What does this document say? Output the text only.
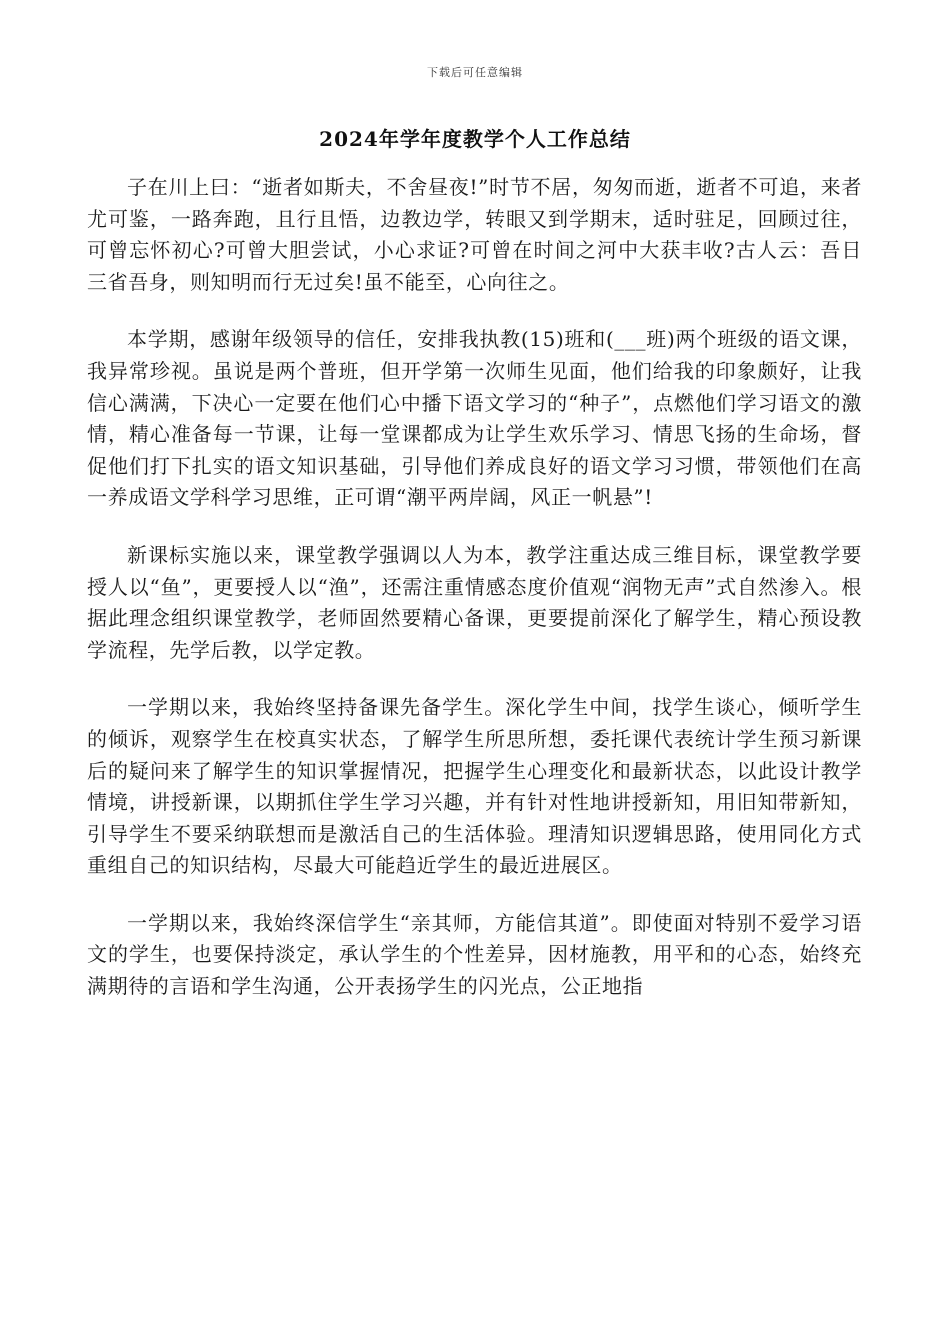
下载后可任意编辑
2024年学年度教学个人工作总结

子在川上曰：“逝者如斯夫，不舍昼夜!”时节不居，匆匆而逝，逝者不可追，来者尤可鉴，一路奔跑，且行且悟，边教边学，转眼又到学期末，适时驻足，回顾过往，可曾忘怀初心?可曾大胆尝试，小心求证?可曾在时间之河中大获丰收?古人云：吾日三省吾身，则知明而行无过矣!虽不能至，心向往之。

本学期，感谢年级领导的信任，安排我执教(15)班和(___班)两个班级的语文课，我异常珍视。虽说是两个普班，但开学第一次师生见面，他们给我的印象颇好，让我信心满满，下决心一定要在他们心中播下语文学习的“种子”，点燃他们学习语文的激情，精心准备每一节课，让每一堂课都成为让学生欢乐学习、情思飞扬的生命场，督促他们打下扎实的语文知识基础，引导他们养成良好的语文学习习惯，带领他们在高一养成语文学科学习思维，正可谓“潮平两岸阔，风正一帆悬”!

新课标实施以来，课堂教学强调以人为本，教学注重达成三维目标，课堂教学要授人以“鱼”，更要授人以“渔”，还需注重情感态度价值观“润物无声”式自然渗入。根据此理念组织课堂教学，老师固然要精心备课，更要提前深化了解学生，精心预设教学流程，先学后教，以学定教。

一学期以来，我始终坚持备课先备学生。深化学生中间，找学生谈心，倾听学生的倾诉，观察学生在校真实状态，了解学生所思所想，委托课代表统计学生预习新课后的疑问来了解学生的知识掌握情况，把握学生心理变化和最新状态，以此设计教学情境，讲授新课，以期抓住学生学习兴趣，并有针对性地讲授新知，用旧知带新知，引导学生不要采纳联想而是激活自己的生活体验。理清知识逻辑思路，使用同化方式重组自己的知识结构，尽最大可能趋近学生的最近进展区。

一学期以来，我始终深信学生“亲其师，方能信其道”。即使面对特别不爱学习语文的学生，也要保持淡定，承认学生的个性差异，因材施教，用平和的心态，始终充满期待的言语和学生沟通，公开表扬学生的闪光点，公正地指
